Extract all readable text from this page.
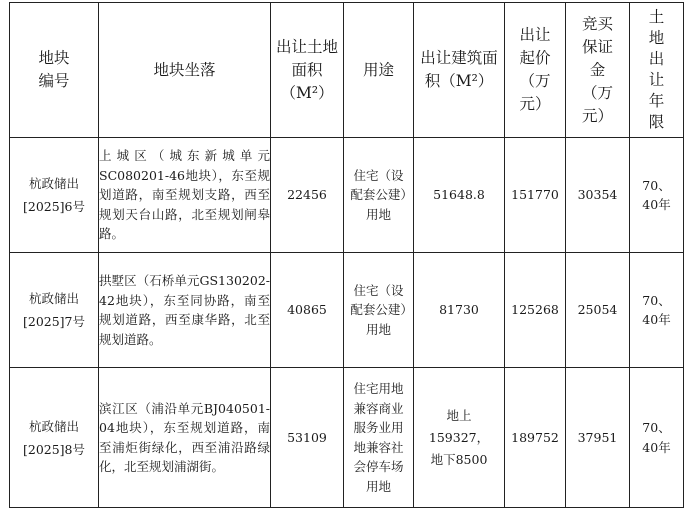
地块编号	地块坐落	出让土地面积（M²）	用途	出让建筑面积（M²）	出让起价（万元）	竞买保证金（万元）	土地出让年限
杭政储出[2025]6号	上城区（城东新城单元SC080201-46地块），东至规划道路，南至规划支路，西至规划天台山路，北至规划闸皋路。	22456	住宅（设配套公建）用地	51648.8	151770	30354	70、40年
杭政储出[2025]7号	拱墅区（石桥单元GS130202-42地块），东至同协路，南至规划道路，西至康华路，北至规划道路。	40865	住宅（设配套公建）用地	81730	125268	25054	70、40年
杭政储出[2025]8号	滨江区（浦沿单元BJ040501-04地块），东至规划道路，南至浦炬街绿化，西至浦沿路绿化，北至规划浦湖街。	53109	住宅用地兼容商业服务业用地兼容社会停车场用地	地上159327，地下8500	189752	37951	70、40年
